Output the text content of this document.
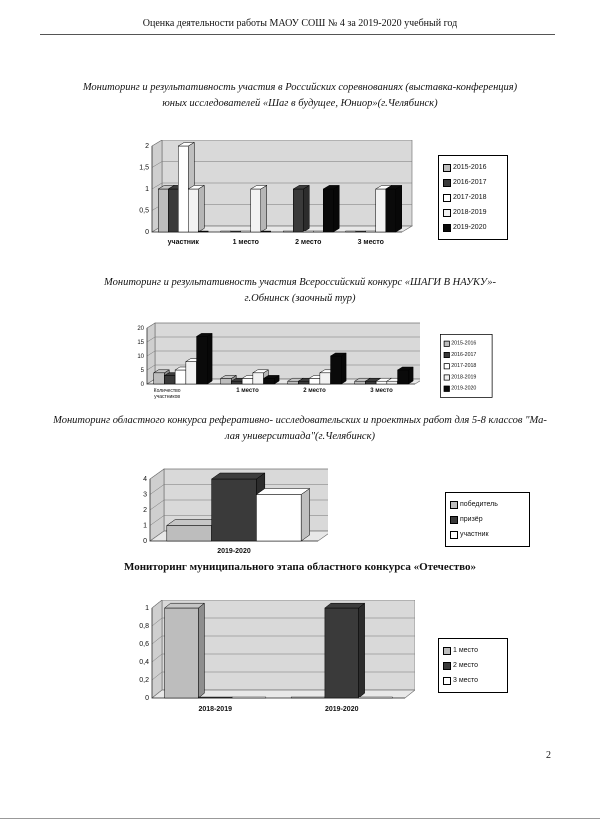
Оценка деятельности работы МАОУ СОШ № 4 за 2019-2020 учебный год
Мониторинг и результативность участия в Российских соревнованиях (выставка-конференция)
юных исследователей «Шаг в будущее, Юниор»(г.Челябинск)
0
0,5
1
1,5
2
участник	1 место	2 место	3 место
2015-2016
2016-2017
2017-2018
2018-2019
2019-2020
Мониторинг и результативность участия Всероссийский конкурс «ШАГИ В НАУКУ»-
г.Обнинск (заочный тур)
0
5
10
15
20
Количество
участников
1 место	2 место	3 место
2015-2016
2016-2017
2017-2018
2018-2019
2019-2020
Мониторинг областного конкурса реферативно- исследовательских и проектных работ для 5-8 классов "Ма-
лая университиада"(г.Челябинск)
0
1
2
3
4
2019-2020
победитель
призёр
участник
Мониторинг муниципального этапа областного конкурса «Отечество»
0
0,2
0,4
0,6
0,8
1
2018-2019	2019-2020
1 место
2 место
3 место
2
